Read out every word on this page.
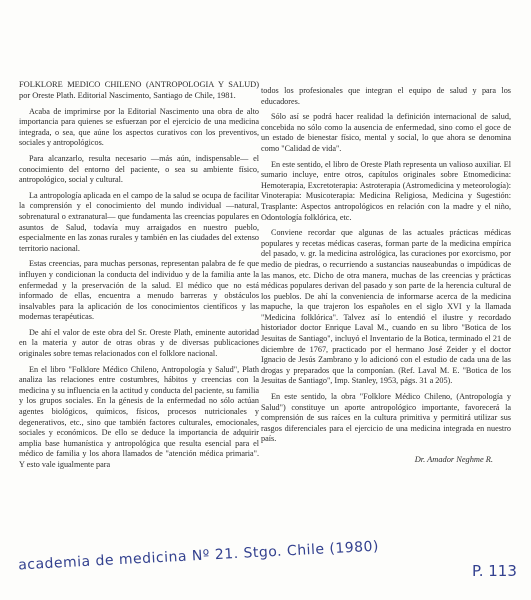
FOLKLORE MEDICO CHILENO (ANTROPOLOGIA Y SALUD) por Oreste Plath. Editorial Nascimento, Santiago de Chile, 1981.

Acaba de imprimirse por la Editorial Nascimento una obra de alto importancia para quienes se esfuerzan por el ejercicio de una medicina integrada, o sea, que aúne los aspectos curativos con los preventivos, sociales y antropológicos.

Para alcanzarlo, resulta necesario —más aún, indispensable— el conocimiento del entorno del paciente, o sea su ambiente físico, antropológico, social y cultural.

La antropología aplicada en el campo de la salud se ocupa de facilitar la comprensión y el conocimiento del mundo individual —natural, sobrenatural o extranatural— que fundamenta las creencias populares en asuntos de Salud, todavía muy arraigados en nuestro pueblo, especialmente en las zonas rurales y también en las ciudades del extenso territorio nacional.

Estas creencias, para muchas personas, representan palabra de fe que influyen y condicionan la conducta del individuo y de la familia ante la enfermedad y la preservación de la salud. El médico que no está informado de ellas, encuentra a menudo barreras y obstáculos insalvables para la aplicación de los conocimientos científicos y las modernas terapéuticas.

De ahí el valor de este obra del Sr. Oreste Plath, eminente autoridad en la materia y autor de otras obras y de diversas publicaciones originales sobre temas relacionados con el folklore nacional.

En el libro "Folklore Médico Chileno, Antropología y Salud", Plath analiza las relaciones entre costumbres, hábitos y creencias con la medicina y su influencia en la actitud y conducta del paciente, su familia y los grupos sociales. En la génesis de la enfermedad no sólo actúan agentes biológicos, químicos, físicos, procesos nutricionales y degenerativos, etc., sino que también factores culturales, emocionales, sociales y económicos. De ello se deduce la importancia de adquirir amplia base humanística y antropológica que resulta esencial para el médico de familia y los ahora llamados de "atención médica primaria". Y esto vale igualmente para

todos los profesionales que integran el equipo de salud y para los educadores.

Sólo así se podrá hacer realidad la definición internacional de salud, concebida no sólo como la ausencia de enfermedad, sino como el goce de un estado de bienestar físico, mental y social, lo que ahora se denomina como "Calidad de vida".

En este sentido, el libro de Oreste Plath representa un valioso auxiliar. El sumario incluye, entre otros, capítulos originales sobre Etnomedicina: Hemoterapia, Excretoterapia: Astroterapia (Astromedicina y meteorología): Vinoterapia: Musicoterapia: Medicina Religiosa, Medicina y Sugestión: Trasplante: Aspectos antropológicos en relación con la madre y el niño, Odontología folklórica, etc.

Conviene recordar que algunas de las actuales prácticas médicas populares y recetas médicas caseras, forman parte de la medicina empírica del pasado, v. gr. la medicina astrológica, las curaciones por exorcismo, por medio de piedras, o recurriendo a sustancias nauseabundas o impúdicas de las manos, etc. Dicho de otra manera, muchas de las creencias y prácticas médicas populares derivan del pasado y son parte de la herencia cultural de los pueblos. De ahí la conveniencia de informarse acerca de la medicina mapuche, la que trajeron los españoles en el siglo XVI y la llamada "Medicina folklórica". Talvez así lo entendió el ilustre y recordado historiador doctor Enrique Laval M., cuando en su libro "Botica de los Jesuitas de Santiago", incluyó el Inventario de la Botica, terminado el 21 de diciembre de 1767, practicado por el hermano José Zeider y el doctor Ignacio de Jesús Zambrano y lo adicionó con el estudio de cada una de las drogas y preparados que la componían. (Ref. Laval M. E. "Botica de los Jesuitas de Santiago", Imp. Stanley, 1953, págs. 31 a 205).

En este sentido, la obra "Folklore Médico Chileno, (Antropología y Salud") constituye un aporte antropológico importante, favorecerá la comprensión de sus raíces en la cultura primitiva y permitirá utilizar sus rasgos diferenciales para el ejercicio de una medicina integrada en nuestro país.

Dr. Amador Neghme R.
academia de medicina Nº 21. Stgo. Chile (1980)	P. 113
